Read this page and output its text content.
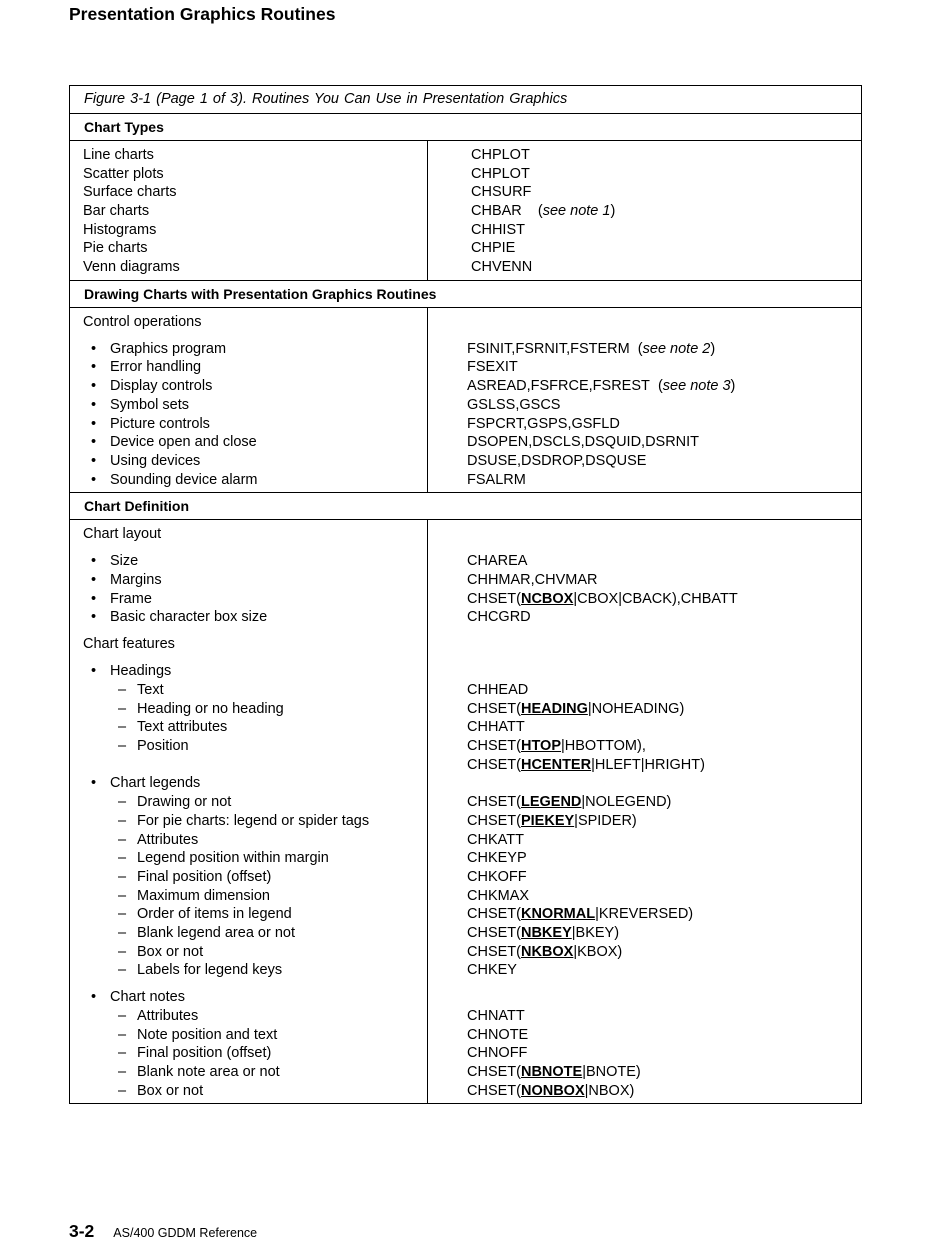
Presentation Graphics Routines
Figure 3-1 (Page 1 of 3). Routines You Can Use in Presentation Graphics
Chart Types
Line charts
Scatter plots
Surface charts
Bar charts
Histograms
Pie charts
Venn diagrams
CHPLOT
CHPLOT
CHSURF
CHBAR    (see note 1)
CHHIST
CHPIE
CHVENN
Drawing Charts with Presentation Graphics Routines
Control operations
• Graphics program
• Error handling
• Display controls
• Symbol sets
• Picture controls
• Device open and close
• Using devices
• Sounding device alarm
FSINIT,FSRNIT,FSTERM  (see note 2)
FSEXIT
ASREAD,FSFRCE,FSREST  (see note 3)
GSLSS,GSCS
FSPCRT,GSPS,GSFLD
DSOPEN,DSCLS,DSQUID,DSRNIT
DSUSE,DSDROP,DSQUSE
FSALRM
Chart Definition
Chart layout
• Size
• Margins
• Frame
• Basic character box size
Chart features
• Headings
– Text
– Heading or no heading
– Text attributes
– Position
• Chart legends
– Drawing or not
– For pie charts: legend or spider tags
– Attributes
– Legend position within margin
– Final position (offset)
– Maximum dimension
– Order of items in legend
– Blank legend area or not
– Box or not
– Labels for legend keys
• Chart notes
– Attributes
– Note position and text
– Final position (offset)
– Blank note area or not
– Box or not
CHAREA
CHHMAR,CHVMAR
CHSET(NCBOX|CBOX|CBACK),CHBATT
CHCGRD
CHHEAD
CHSET(HEADING|NOHEADING)
CHHATT
CHSET(HTOP|HBOTTOM),
CHSET(HCENTER|HLEFT|HRIGHT)
CHSET(LEGEND|NOLEGEND)
CHSET(PIEKEY|SPIDER)
CHKATT
CHKEYP
CHKOFF
CHKMAX
CHSET(KNORMAL|KREVERSED)
CHSET(NBKEY|BKEY)
CHSET(NKBOX|KBOX)
CHKEY
CHNATT
CHNOTE
CHNOFF
CHSET(NBNOTE|BNOTE)
CHSET(NONBOX|NBOX)
3-2 AS/400 GDDM Reference
